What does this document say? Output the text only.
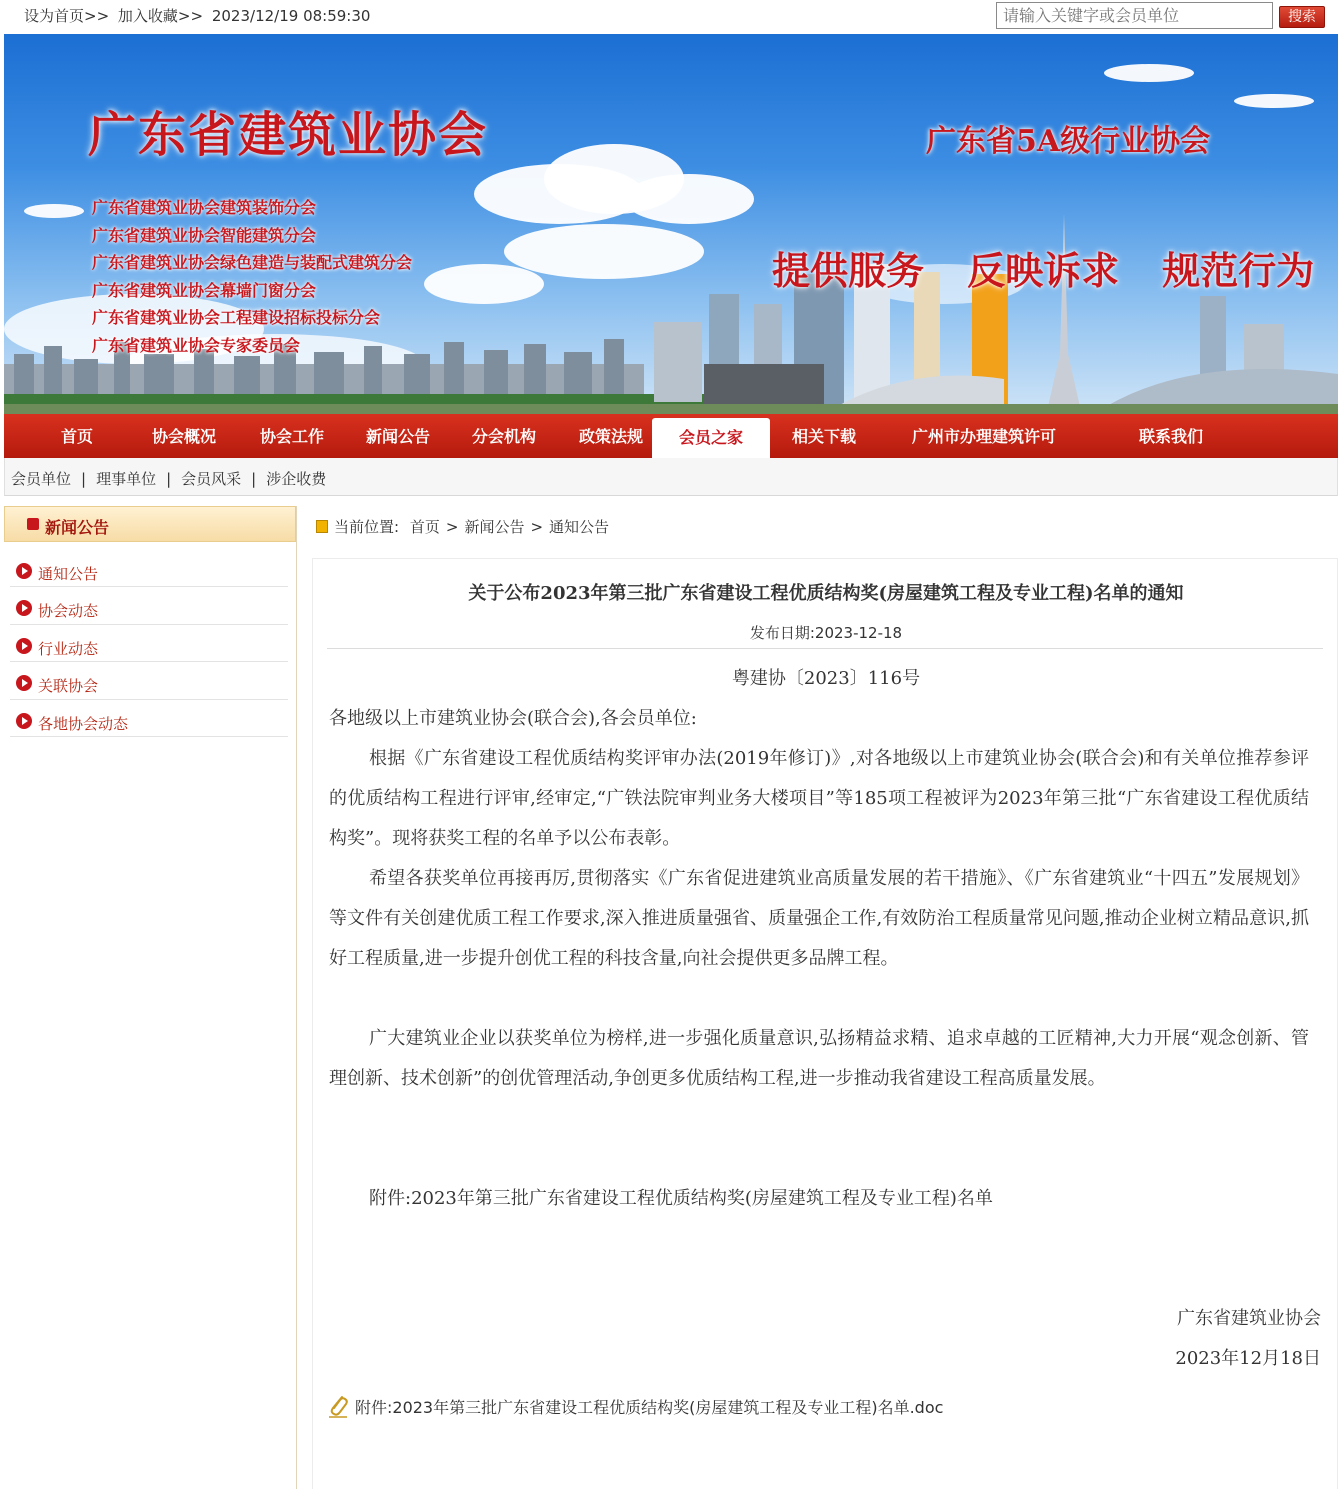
设为首页>> 加入收藏>> 2023/12/19 08:59:30
请输入关键字或会员单位	搜索
广东省建筑业协会	广东省5A级行业协会
广东省建筑业协会建筑装饰分会
广东省建筑业协会智能建筑分会
广东省建筑业协会绿色建造与装配式建筑分会
广东省建筑业协会幕墙门窗分会
广东省建筑业协会工程建设招标投标分会
广东省建筑业协会专家委员会
提供服务 反映诉求 规范行为
首页	协会概况	协会工作	新闻公告	分会机构	政策法规	会员之家	相关下载	广州市办理建筑许可	联系我们
会员单位 | 理事单位 | 会员风采 | 涉企收费
新闻公告
通知公告
协会动态
行业动态
关联协会
各地协会动态
当前位置: 首页 > 新闻公告 > 通知公告
关于公布2023年第三批广东省建设工程优质结构奖(房屋建筑工程及专业工程)名单的通知
发布日期:2023-12-18
粤建协〔2023〕116号
各地级以上市建筑业协会(联合会),各会员单位:
根据《广东省建设工程优质结构奖评审办法(2019年修订)》,对各地级以上市建筑业协会(联合会)和有关单位推荐参评的优质结构工程进行评审,经审定,“广铁法院审判业务大楼项目”等185项工程被评为2023年第三批“广东省建设工程优质结构奖”。现将获奖工程的名单予以公布表彰。
希望各获奖单位再接再厉,贯彻落实《广东省促进建筑业高质量发展的若干措施》、《广东省建筑业“十四五”发展规划》等文件有关创建优质工程工作要求,深入推进质量强省、质量强企工作,有效防治工程质量常见问题,推动企业树立精品意识,抓好工程质量,进一步提升创优工程的科技含量,向社会提供更多品牌工程。
广大建筑业企业以获奖单位为榜样,进一步强化质量意识,弘扬精益求精、追求卓越的工匠精神,大力开展“观念创新、管理创新、技术创新”的创优管理活动,争创更多优质结构工程,进一步推动我省建设工程高质量发展。
附件:2023年第三批广东省建设工程优质结构奖(房屋建筑工程及专业工程)名单
广东省建筑业协会
2023年12月18日
附件:2023年第三批广东省建设工程优质结构奖(房屋建筑工程及专业工程)名单.doc
